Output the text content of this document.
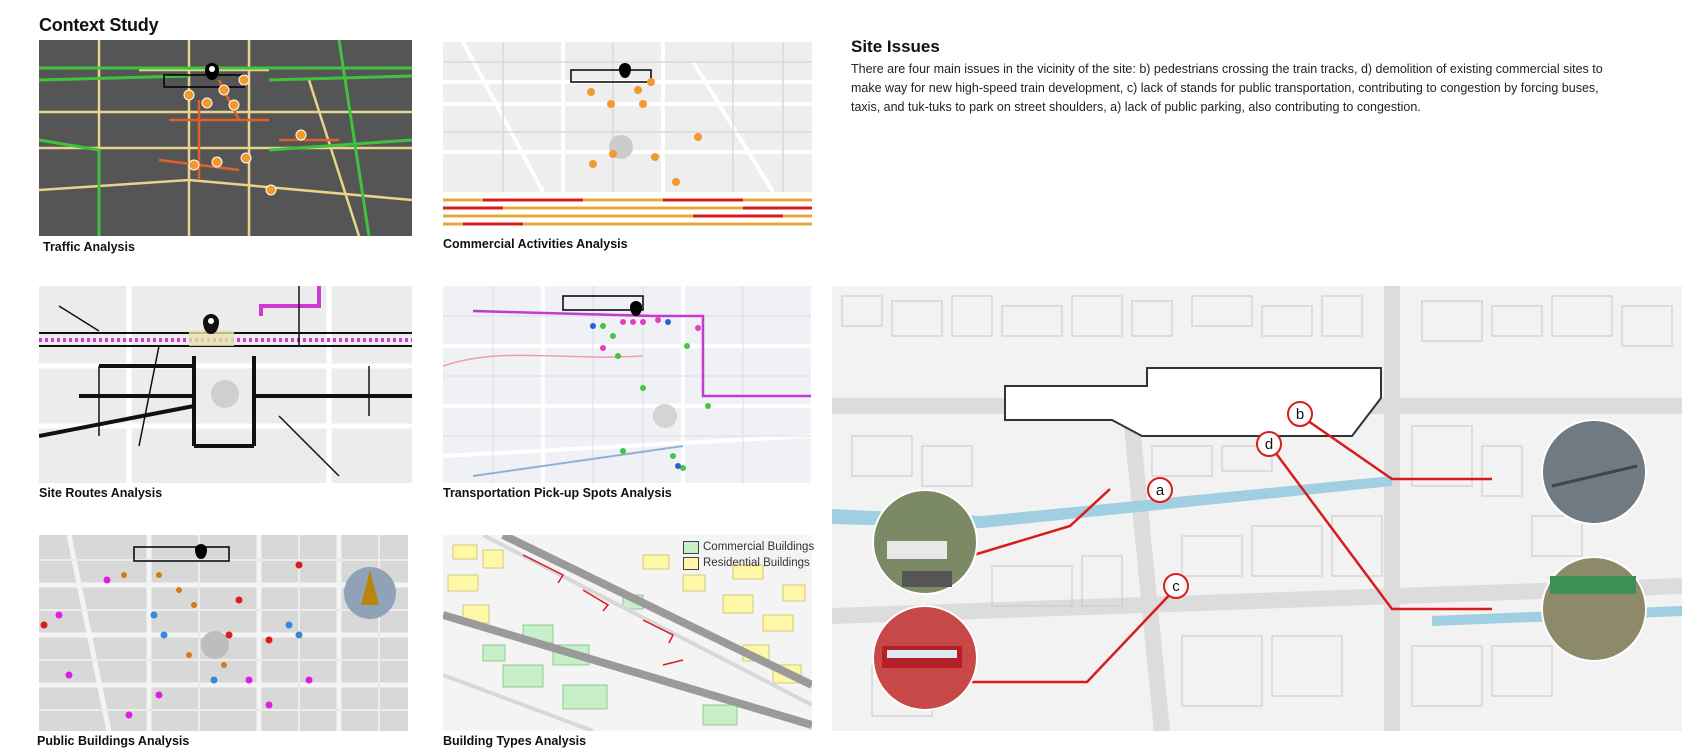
Context Study
Traffic Analysis	Commercial Activities Analysis
Site Issues
There are four main issues in the vicinity of the site: b) pedestrians crossing the train tracks, d) demolition of existing commercial sites to make way for new high-speed train development, c) lack of stands for public transportation, contributing to congestion by forcing buses, taxis, and tuk-tuks to park on street shoulders, a) lack of public parking, also contributing to congestion.
Site Routes Analysis	Transportation Pick-up Spots Analysis
Public Buildings Analysis
Commercial Buildings
Residential Buildings
Building Types Analysis
a
b
c
d
